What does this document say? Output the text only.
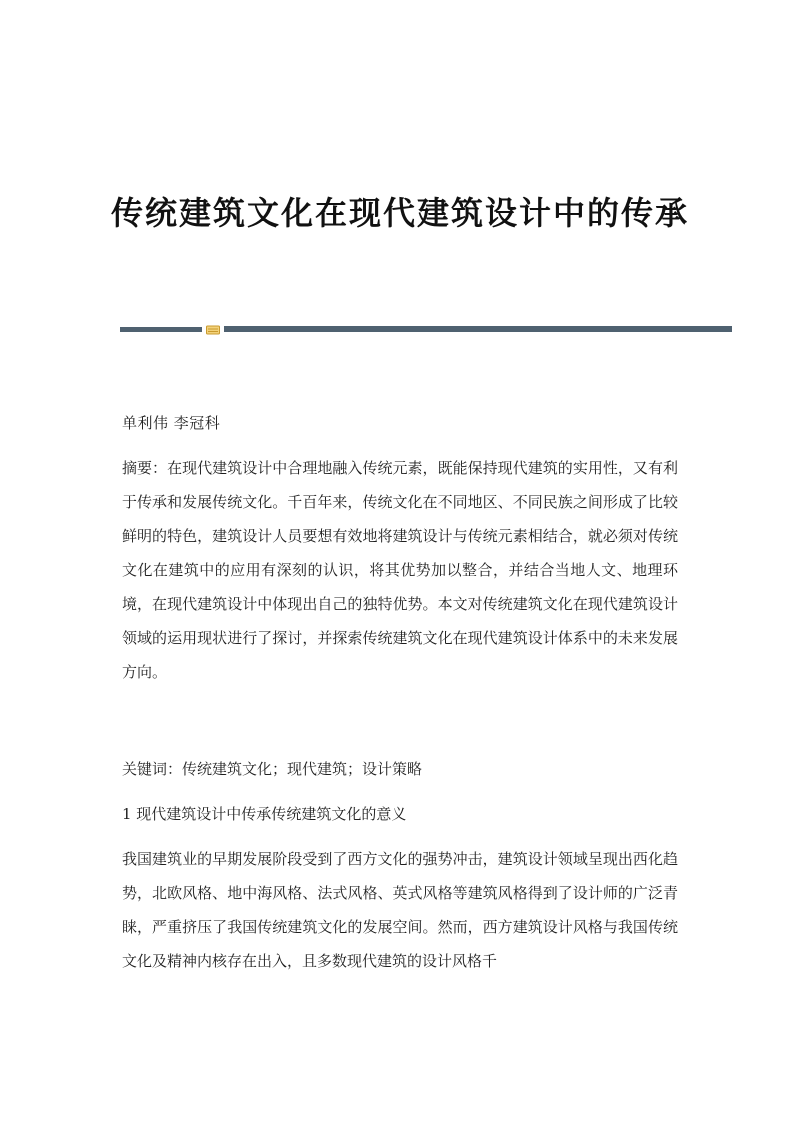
传统建筑文化在现代建筑设计中的传承
单利伟 李冠科
摘要：在现代建筑设计中合理地融入传统元素，既能保持现代建筑的实用性，又有利于传承和发展传统文化。千百年来，传统文化在不同地区、不同民族之间形成了比较鲜明的特色，建筑设计人员要想有效地将建筑设计与传统元素相结合，就必须对传统文化在建筑中的应用有深刻的认识，将其优势加以整合，并结合当地人文、地理环境，在现代建筑设计中体现出自己的独特优势。本文对传统建筑文化在现代建筑设计领域的运用现状进行了探讨，并探索传统建筑文化在现代建筑设计体系中的未来发展方向。
关键词：传统建筑文化；现代建筑；设计策略
1 现代建筑设计中传承传统建筑文化的意义
我国建筑业的早期发展阶段受到了西方文化的强势冲击，建筑设计领域呈现出西化趋势，北欧风格、地中海风格、法式风格、英式风格等建筑风格得到了设计师的广泛青睐，严重挤压了我国传统建筑文化的发展空间。然而，西方建筑设计风格与我国传统文化及精神内核存在出入，且多数现代建筑的设计风格千
